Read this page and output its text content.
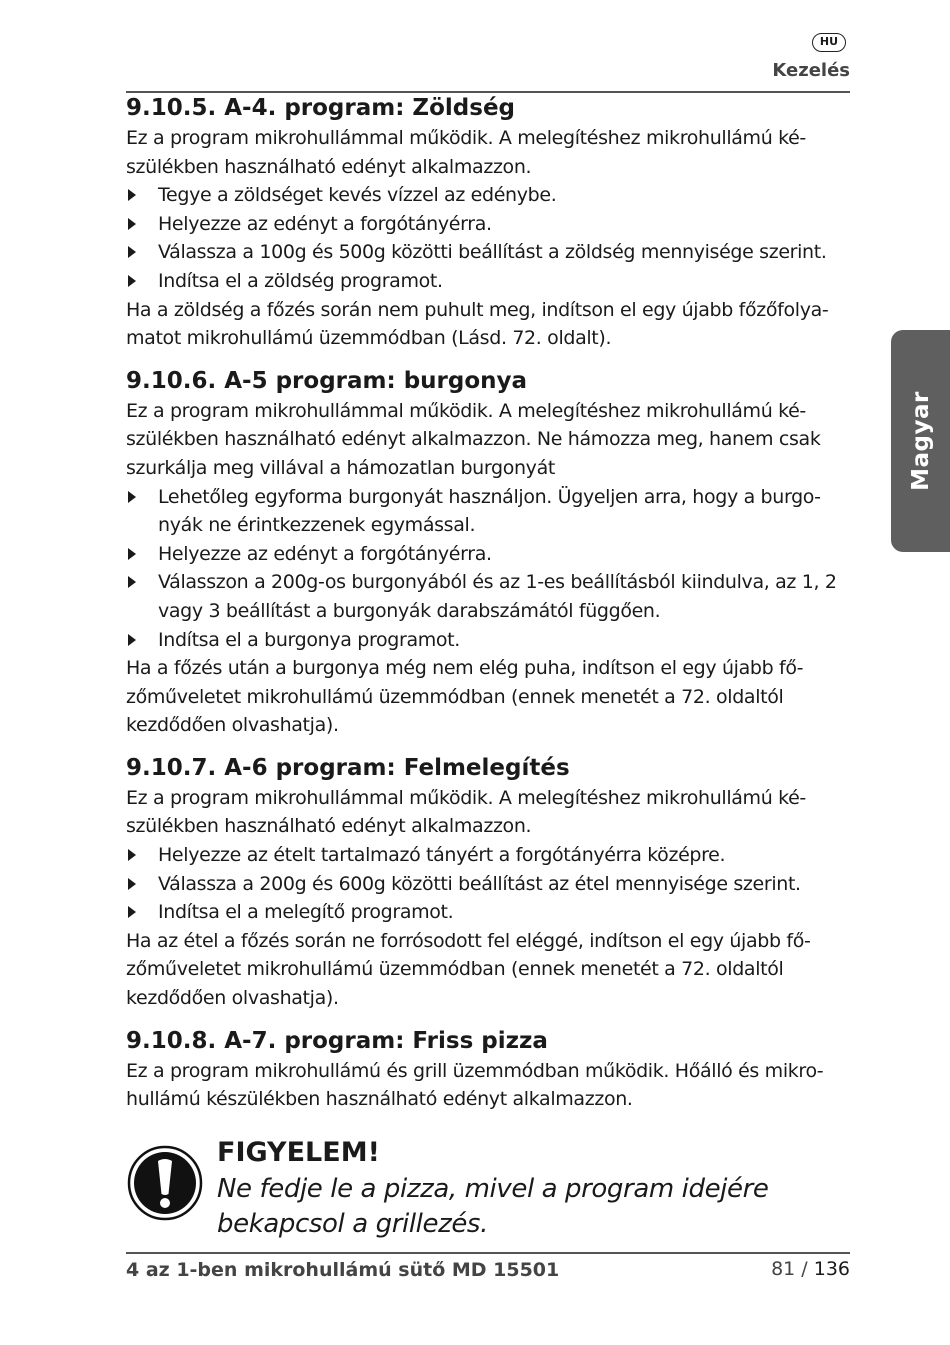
HU
Kezelés
Magyar
9.10.5. A-4. program: Zöldség

Ez a program mikrohullámmal működik. A melegítéshez mikrohullámú készülékben használható edényt alkalmazzon.

Tegye a zöldséget kevés vízzel az edénybe.
Helyezze az edényt a forgótányérra.
Válassza a 100g és 500g közötti beállítást a zöldség mennyisége szerint.
Indítsa el a zöldség programot.

Ha a zöldség a főzés során nem puhult meg, indítson el egy újabb főzőfolyamatot mikrohullámú üzemmódban (Lásd. 72. oldalt).

9.10.6. A-5 program: burgonya

Ez a program mikrohullámmal működik. A melegítéshez mikrohullámú készülékben használható edényt alkalmazzon. Ne hámozza meg, hanem csak szurkálja meg villával a hámozatlan burgonyát

Lehetőleg egyforma burgonyát használjon. Ügyeljen arra, hogy a burgonyák ne érintkezzenek egymással.
Helyezze az edényt a forgótányérra.
Válasszon a 200g-os burgonyából és az 1-es beállításból kiindulva, az 1, 2 vagy 3 beállítást a burgonyák darabszámától függően.
Indítsa el a burgonya programot.

Ha a főzés után a burgonya még nem elég puha, indítson el egy újabb főzőműveletet mikrohullámú üzemmódban (ennek menetét a 72. oldaltól kezdődően olvashatja).

9.10.7. A-6 program: Felmelegítés

Ez a program mikrohullámmal működik. A melegítéshez mikrohullámú készülékben használható edényt alkalmazzon.

Helyezze az ételt tartalmazó tányért a forgótányérra középre.
Válassza a 200g és 600g közötti beállítást az étel mennyisége szerint.
Indítsa el a melegítő programot.

Ha az étel a főzés során ne forrósodott fel eléggé, indítson el egy újabb főzőműveletet mikrohullámú üzemmódban (ennek menetét a 72. oldaltól kezdődően olvashatja).

9.10.8. A-7. program: Friss pizza

Ez a program mikrohullámú és grill üzemmódban működik. Hőálló és mikrohullámú készülékben használható edényt alkalmazzon.

FIGYELEM!
Ne fedje le a pizza, mivel a program idejére bekapcsol a grillezés.
4 az 1-ben mikrohullámú sütő MD 15501	81 / 136
